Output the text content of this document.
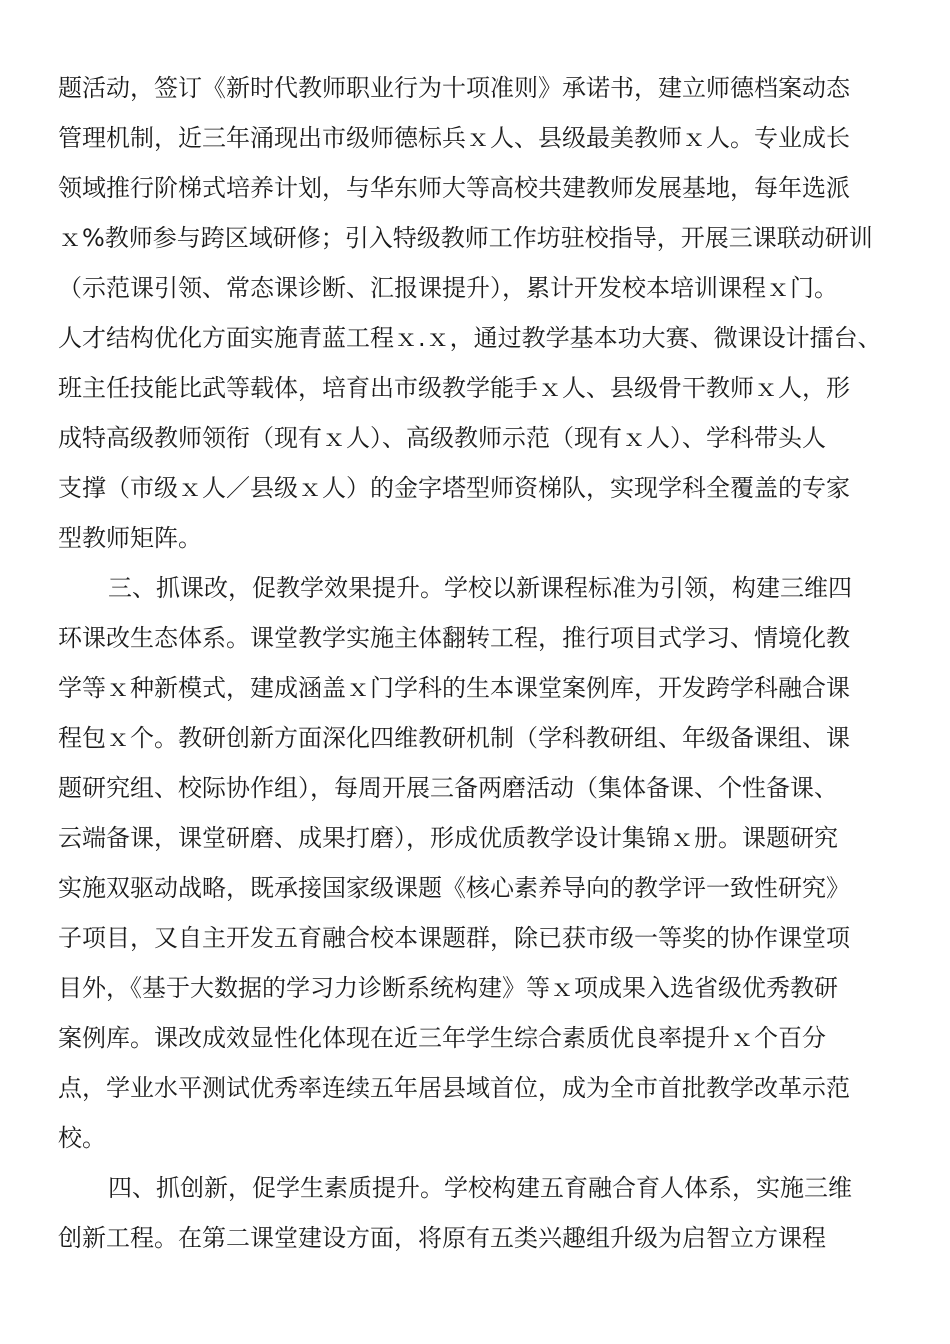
题活动，签订《新时代教师职业行为十项准则》承诺书，建立师德档案动态
管理机制，近三年涌现出市级师德标兵ｘ人、县级最美教师ｘ人。专业成长
领域推行阶梯式培养计划，与华东师大等高校共建教师发展基地，每年选派
ｘ%教师参与跨区域研修；引入特级教师工作坊驻校指导，开展三课联动研训
（示范课引领、常态课诊断、汇报课提升），累计开发校本培训课程ｘ门。
人才结构优化方面实施青蓝工程ｘ.ｘ，通过教学基本功大赛、微课设计擂台、
班主任技能比武等载体，培育出市级教学能手ｘ人、县级骨干教师ｘ人，形
成特高级教师领衔（现有ｘ人）、高级教师示范（现有ｘ人）、学科带头人
支撑（市级ｘ人／县级ｘ人）的金字塔型师资梯队，实现学科全覆盖的专家
型教师矩阵。
三、抓课改，促教学效果提升。学校以新课程标准为引领，构建三维四
环课改生态体系。课堂教学实施主体翻转工程，推行项目式学习、情境化教
学等ｘ种新模式，建成涵盖ｘ门学科的生本课堂案例库，开发跨学科融合课
程包ｘ个。教研创新方面深化四维教研机制（学科教研组、年级备课组、课
题研究组、校际协作组），每周开展三备两磨活动（集体备课、个性备课、
云端备课，课堂研磨、成果打磨），形成优质教学设计集锦ｘ册。课题研究
实施双驱动战略，既承接国家级课题《核心素养导向的教学评一致性研究》
子项目，又自主开发五育融合校本课题群，除已获市级一等奖的协作课堂项
目外，《基于大数据的学习力诊断系统构建》等ｘ项成果入选省级优秀教研
案例库。课改成效显性化体现在近三年学生综合素质优良率提升ｘ个百分
点，学业水平测试优秀率连续五年居县域首位，成为全市首批教学改革示范
校。
四、抓创新，促学生素质提升。学校构建五育融合育人体系，实施三维
创新工程。在第二课堂建设方面，将原有五类兴趣组升级为启智立方课程
